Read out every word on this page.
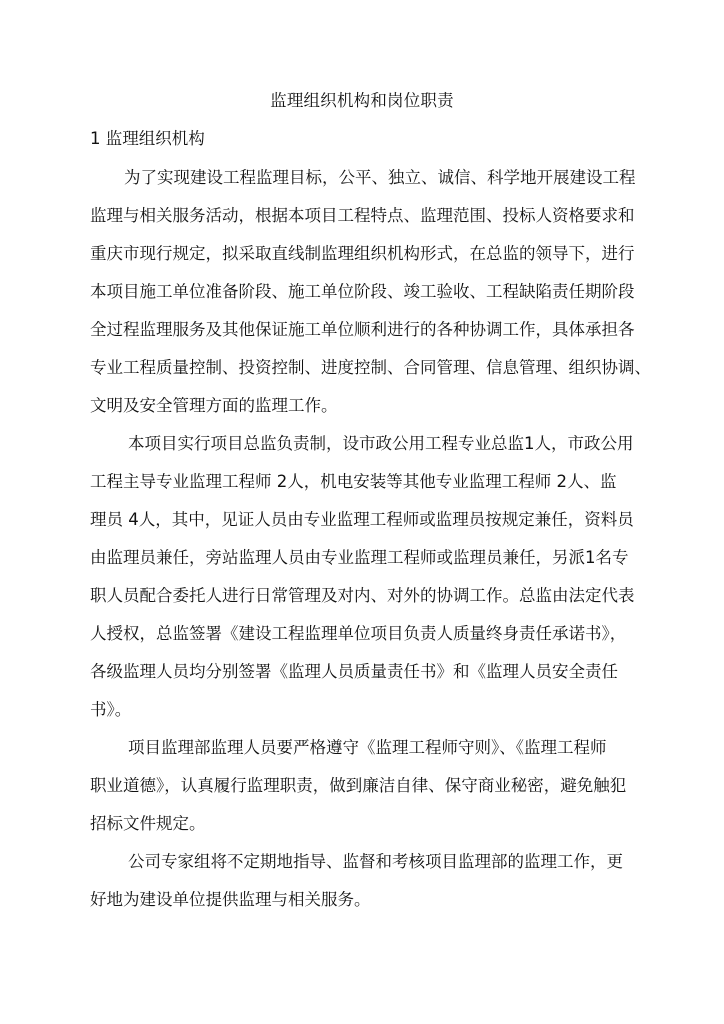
监理组织机构和岗位职责
1 监理组织机构
为了实现建设工程监理目标，公平、独立、诚信、科学地开展建设工程
监理与相关服务活动，根据本项目工程特点、监理范围、投标人资格要求和
重庆市现行规定，拟采取直线制监理组织机构形式，在总监的领导下，进行
本项目施工单位准备阶段、施工单位阶段、竣工验收、工程缺陷责任期阶段
全过程监理服务及其他保证施工单位顺利进行的各种协调工作，具体承担各
专业工程质量控制、投资控制、进度控制、合同管理、信息管理、组织协调、
文明及安全管理方面的监理工作。
本项目实行项目总监负责制，设市政公用工程专业总监1人，市政公用
工程主导专业监理工程师 2人，机电安装等其他专业监理工程师 2人、监
理员 4人，其中，见证人员由专业监理工程师或监理员按规定兼任，资料员
由监理员兼任，旁站监理人员由专业监理工程师或监理员兼任，另派1名专
职人员配合委托人进行日常管理及对内、对外的协调工作。总监由法定代表
人授权，总监签署《建设工程监理单位项目负责人质量终身责任承诺书》，
各级监理人员均分别签署《监理人员质量责任书》和《监理人员安全责任
书》。
项目监理部监理人员要严格遵守《监理工程师守则》、《监理工程师
职业道德》，认真履行监理职责，做到廉洁自律、保守商业秘密，避免触犯
招标文件规定。
公司专家组将不定期地指导、监督和考核项目监理部的监理工作，更
好地为建设单位提供监理与相关服务。
